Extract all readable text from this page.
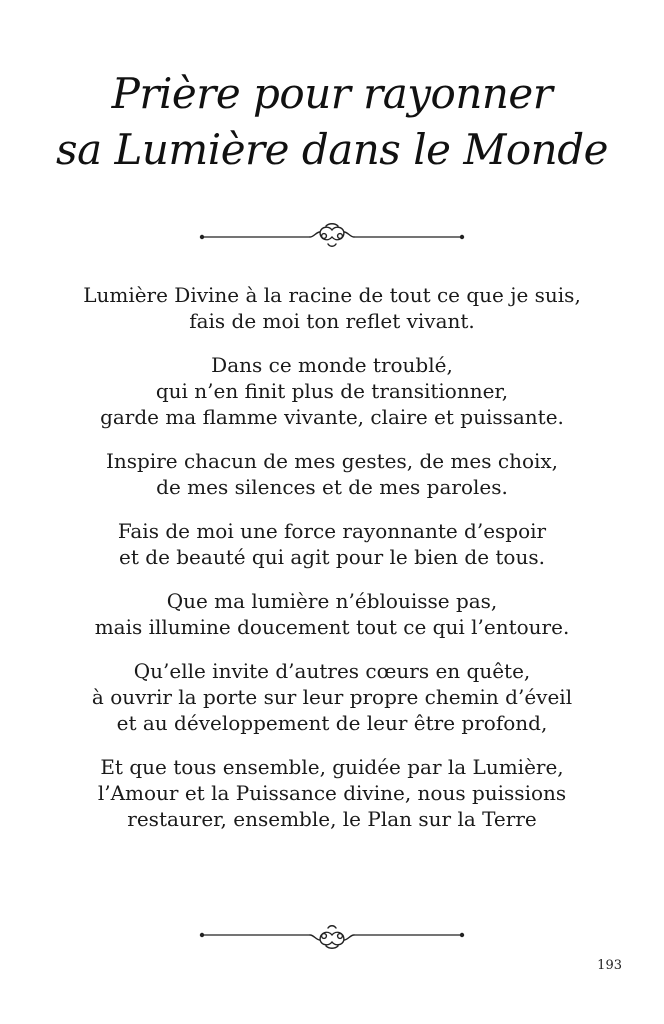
Prière pour rayonner
sa Lumière dans le Monde

Lumière Divine à la racine de tout ce que je suis,
fais de moi ton reflet vivant.

Dans ce monde troublé,
qui n’en finit plus de transitionner,
garde ma flamme vivante, claire et puissante.

Inspire chacun de mes gestes, de mes choix,
de mes silences et de mes paroles.

Fais de moi une force rayonnante d’espoir
et de beauté qui agit pour le bien de tous.

Que ma lumière n’éblouisse pas,
mais illumine doucement tout ce qui l’entoure.

Qu’elle invite d’autres cœurs en quête,
à ouvrir la porte sur leur propre chemin d’éveil
et au développement de leur être profond,

Et que tous ensemble, guidée par la Lumière,
l’Amour et la Puissance divine, nous puissions
restaurer, ensemble, le Plan sur la Terre

193
